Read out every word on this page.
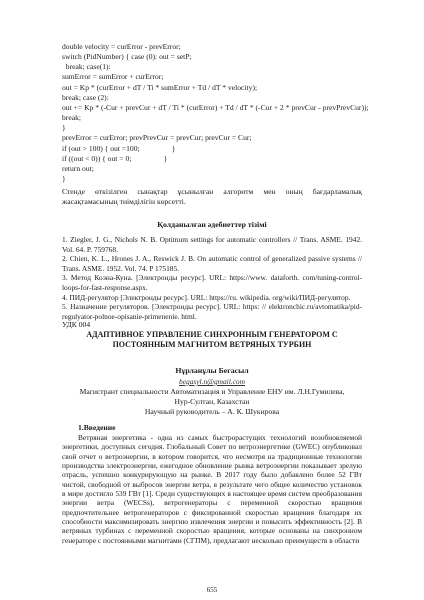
double velocity = curError - prevError;

switch (PidNumber) { case (0): out = setP;

break; case(1):

sumError = sumError + curError;

out = Kp * (curError + dT / Ti * sumError + Td / dT * velocity);

break; case (2):

out += Kp * (-Cur + prevCur + dT / Ti * (curError) + Td / dT * (-Cur + 2 * prevCur - prevPrevCur));

break;

}

prevError = curError; prevPrevCur = prevCur; prevCur = Cur;

if (out > 100) { out =100;                 }

if ((out < 0)) { out = 0;                 }

return out;

}

Стенде өткізілген сынақтар ұсынылған алгоритм мен оның бағдарламалық жасақтамасының тиімділігін көрсетті.
Қолданылған әдебиеттер тізімі

1. Ziegler, J. G., Nichols N. B. Optimum settings for automatic controllers // Trans. ASME. 1942. Vol. 64. P. 759768.

2. Chien, K. L., Hrones J. A., Reswick J. B. On automatic control of generalized passive systems // Trans. ASME. 1952. Vol. 74. P 175185.

3. Метод Коэна-Куна. [Электронды ресурс]. URL: https://www. dataforth. com/tuning-control-loops-for-fast-response.aspx.

4. ПИД-регулятор [Электронды ресурс]. URL: https://ru. wikipedia. org/wiki/ПИД-регулятор.

5. Назначение регуляторов. [Электронды ресурс]. URL: https: // elektronchic.ru/avtomatika/pid-regulyator-polnoe-opisanie-primenenie. html.

УДК 004
АДАПТИВНОЕ УПРАВЛЕНИЕ СИНХРОННЫМ ГЕНЕРАТОРОМ С ПОСТОЯННЫМ МАГНИТОМ ВЕТРЯНЫХ ТУРБИН
Нұрланұлы Бегасыл
begasyl.n@gmail.com
Магистрант специальности Автоматизация и Управление ЕНУ им. Л.Н.Гумилева,
Нур-Султан, Казахстан
Научный руководитель – А. К. Шукирова
1.Введение
Ветряная энергетика - одна из самых быстрорастущих технологий возобновляемой энергетики, доступных сегодня. Глобальный Совет по ветроэнергетике (GWEC) опубликовал свой отчет о ветроэнергии, в котором говорится, что несмотря на традиционные технологии производства электроэнергии, ежегодное обновление рынка ветроэнергии показывает зрелую отрасль, успешно конкурирующую на рынке. В 2017 году было добавлено более 52 ГВт чистой, свободной от выбросов энергии ветра, в результате чего общее количество установок в мире достигло 539 ГВт [1]. Среди существующих в настоящее время систем преобразования энергии ветра (WECSs), ветрогенераторы с переменной скоростью вращения предпочтительнее ветрогенераторов с фиксированной скоростью вращения благодаря их способности максимизировать энергию извлечения энергии и повысить эффективность [2]. В ветряных турбинах с переменной скоростью вращения, которые основаны на синхронном генераторе с постоянными магнитами (СГПМ), предлагают несколько преимуществ в области
655
